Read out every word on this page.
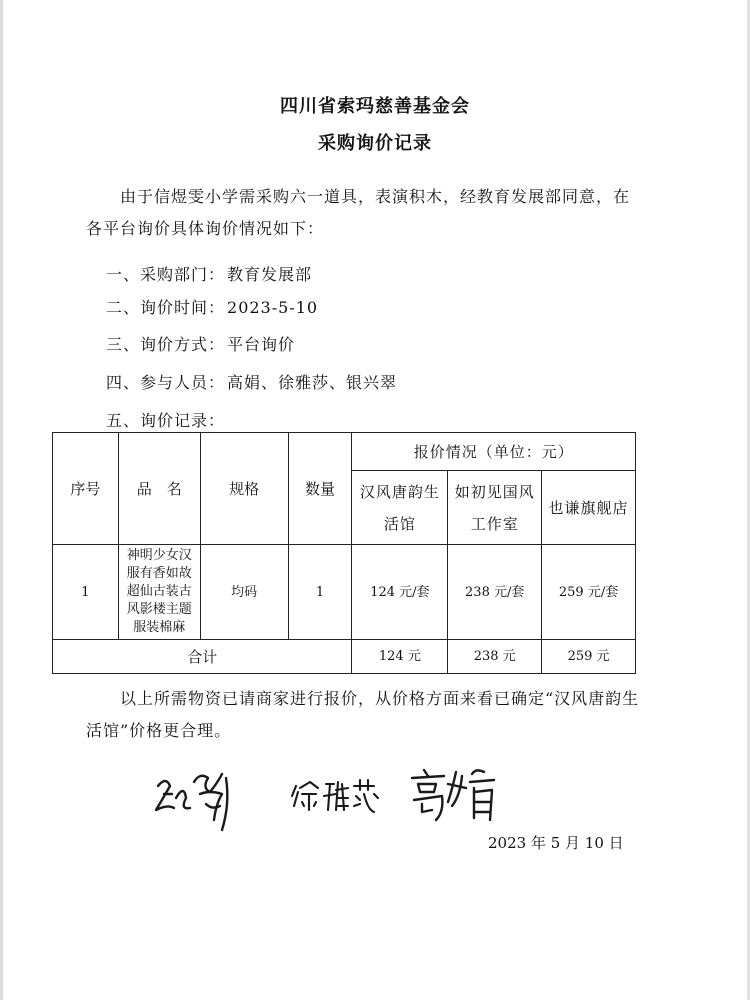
四川省索玛慈善基金会
采购询价记录
由于信煜雯小学需采购六一道具，表演积木，经教育发展部同意，在各平台询价具体询价情况如下：
一、采购部门： 教育发展部
二、询价时间： 2023-5-10
三、询价方式： 平台询价
四、参与人员： 高娟、徐雅莎、银兴翠
五、询价记录：
序号	品　名	规格	数量	报价情况（单位：元）		
				汉风唐韵生活馆	如初见国风工作室	也谦旗舰店
1	神明少女汉服有香如故超仙古装古风影楼主题服装棉麻	均码	1	124 元/套	238 元/套	259 元/套
合计				124 元	238 元	259 元
以上所需物资已请商家进行报价，从价格方面来看已确定“汉风唐韵生活馆”价格更合理。
2023 年 5 月 10 日
